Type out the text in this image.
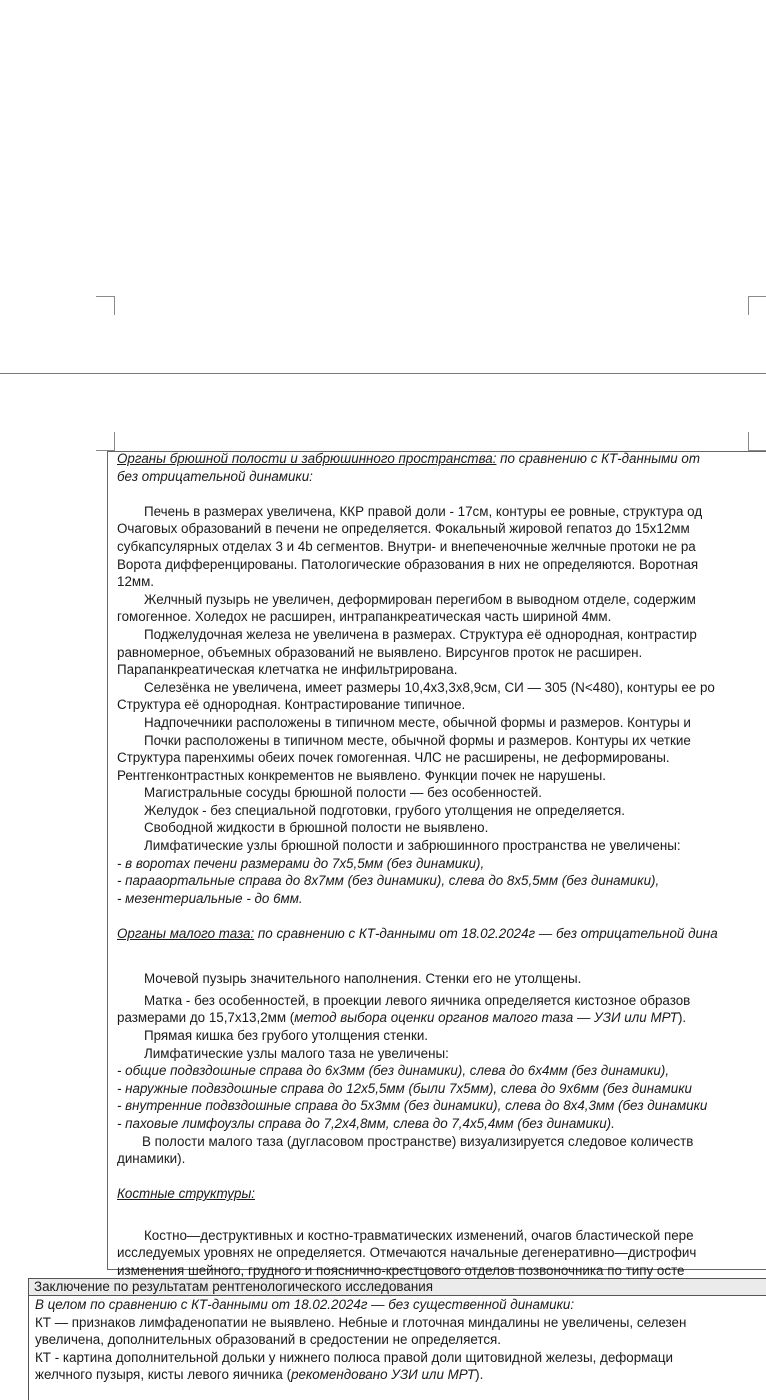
Органы брюшной полости и забрюшинного пространства: по сравнению с КТ-данными от
без отрицательной динамики:
Печень в размерах увеличена, ККР правой доли - 17см, контуры ее ровные, структура од
Очаговых образований в печени не определяется. Фокальный жировой гепатоз до 15х12мм
субкапсулярных отделах 3 и 4b сегментов. Внутри- и внепеченочные желчные протоки не ра
Ворота дифференцированы. Патологические образования в них не определяются. Воротная
12мм.
Желчный пузырь не увеличен, деформирован перегибом в выводном отделе, содержим
гомогенное. Холедох не расширен, интрапанкреатическая часть шириной 4мм.
Поджелудочная железа не увеличена в размерах. Структура её однородная, контрастир
равномерное, объемных образований не выявлено. Вирсунгов проток не расширен.
Парапанкреатическая клетчатка не инфильтрирована.
Селезёнка не увеличена, имеет размеры 10,4х3,3х8,9см, СИ — 305 (N<480), контуры ее ро
Структура её однородная. Контрастирование типичное.
Надпочечники расположены в типичном месте, обычной формы и размеров. Контуры и
Почки расположены в типичном месте, обычной формы и размеров. Контуры их четкие
Структура паренхимы обеих почек гомогенная. ЧЛС не расширены, не деформированы.
Рентгенконтрастных конкрементов не выявлено. Функции почек не нарушены.
Магистральные сосуды брюшной полости — без особенностей.
Желудок - без специальной подготовки, грубого утолщения не определяется.
Свободной жидкости в брюшной полости не выявлено.
Лимфатические узлы брюшной полости и забрюшинного пространства не увеличены:
- в воротах печени размерами до 7х5,5мм (без динамики),
- парааортальные справа до 8х7мм (без динамики), слева до 8х5,5мм (без динамики),
- мезентериальные - до 6мм.
Органы малого таза: по сравнению с КТ-данными от 18.02.2024г — без отрицательной дина
Мочевой пузырь значительного наполнения. Стенки его не утолщены.
Матка - без особенностей, в проекции левого яичника определяется кистозное образов
размерами до 15,7х13,2мм (метод выбора оценки органов малого таза — УЗИ или МРТ).
Прямая кишка без грубого утолщения стенки.
Лимфатические узлы малого таза не увеличены:
- общие подвздошные справа до 6х3мм (без динамики), слева до 6х4мм (без динамики),
- наружные подвздошные справа до 12х5,5мм (были 7х5мм), слева до 9х6мм (без динамики
- внутренние подвздошные справа до 5х3мм (без динамики), слева до 8х4,3мм (без динамики
- паховые лимфоузлы справа до 7,2х4,8мм, слева до 7,4х5,4мм (без динамики).
В полости малого таза (дугласовом пространстве) визуализируется следовое количеств
динамики).
Костные структуры:
Костно—деструктивных и костно-травматических изменений, очагов бластической пере
исследуемых уровнях не определяется. Отмечаются начальные дегенеративно—дистрофич
изменения шейного, грудного и пояснично-крестцового отделов позвоночника по типу осте
Заключение по результатам рентгенологического исследования
В целом по сравнению с КТ-данными от 18.02.2024г — без существенной динамики:
КТ — признаков лимфаденопатии не выявлено. Небные и глоточная миндалины не увеличены, селезен
увеличена, дополнительных образований в средостении не определяется.
КТ - картина дополнительной дольки у нижнего полюса правой доли щитовидной железы, деформаци
желчного пузыря, кисты левого яичника (рекомендовано УЗИ или МРТ).
